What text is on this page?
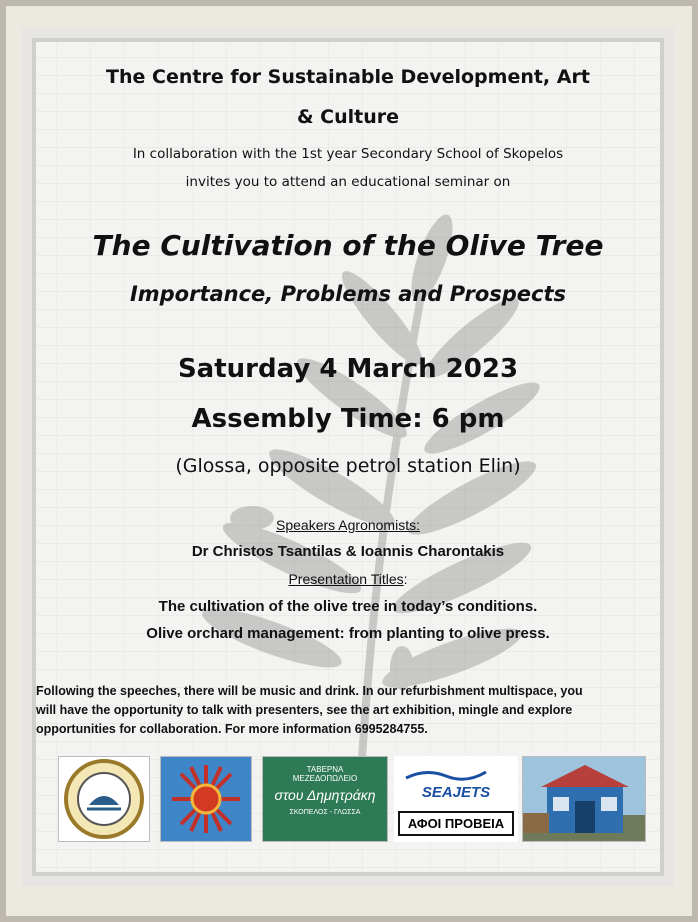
The Centre for Sustainable Development, Art
& Culture
In collaboration with the 1st year Secondary School of Skopelos
invites you to attend an educational seminar on
The Cultivation of the Olive Tree
Importance, Problems and Prospects
Saturday 4 March 2023
Assembly Time: 6 pm
(Glossa, opposite petrol station Elin)
Speakers Agronomists:
Dr Christos Tsantilas & Ioannis Charontakis
Presentation Titles:
The cultivation of the olive tree in today’s conditions.
Olive orchard management: from planting to olive press.
Following the speeches, there will be music and drink. In our refurbishment multispace, you
will have the opportunity to talk with presenters, see the art exhibition, mingle and explore
opportunities for collaboration. For more information 6995284755.
ΤΑΒΕΡΝΑ
ΜΕΖΕΔΟΠΩΛΕΙΟ
στου Δημητράκη
ΣΚΟΠΕΛΟΣ - ΓΛΩΣΣΑ
SEAJETS
ΑΦΟΙ ΠΡΟΒΕΙΑ
